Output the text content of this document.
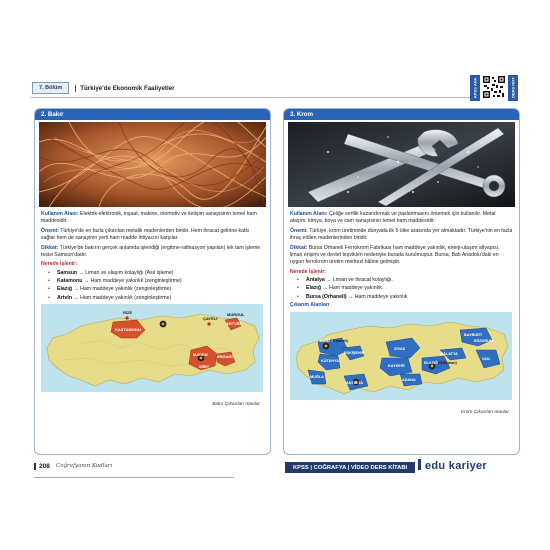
7. Bölüm	Türkiye'de Ekonomik Faaliyetler	KPSS ANA	DERS NOT
2. Bakır

Kullanım Alanı: Elektrik-elektronik, inşaat, makine, otomotiv ve iletişim sanayisinin temel ham maddesidir.

Önemi: Türkiye'de en fazla çıkarılan metalik madenlerden biridir. Hem ihracat gelirine katkı sağlar hem de sanayinin yerli ham madde ihtiyacını karşılar.

Dikkat: Türkiye'de bakırın gerçek anlamda işlendiği (ergitme-rafinasyon yapılan) tek tam işleme tesisi Samsun'dadır.

Nerede İşlenir:
• Samsun → Liman ve ulaşım kolaylığı (Asıl işleme)
• Katamonu → Ham maddeye yakınlık (zenginleştirme)
• Elazığ → Ham maddeye yakınlık (zenginleştirme)
• Artvin → Ham maddeye yakınlık (zenginleştirme)
RİZE
KASTAMONU
ÇAYELİ
MURGUL
MADEN ERGANİ
SİİRT
ARTVİN
Bakır Çıkarılan Alanlar
3. Krom

Kullanım Alanı: Çeliğe sertlik kazandırmak ve paslanmasını önlemek için kullanılır. Metal alaşım, kimya, boya ve cam sanayisinin temel ham maddesidir.

Önemi: Türkiye, krom üretiminde dünyada ilk 5 ülke arasında yer almaktadır. Türkiye'nin en fazla ihraç edilen madenlerinden biridir.

Dikkat: Bursa Orhaneli Ferrokrom Fabrikası ham maddeye yakınlık, enerji-ulaşım altyapısı, liman erişimi ve devlet teşvikleri nedeniyle burada kurulmuştur. Bursa, Batı Anadolu'daki en uygun ferrokrom üretim merkezi hâline gelmiştir.

Nerede İşlenir:
• Antalya → Liman ve ihracat kolaylığı.
• Elazığ → Ham maddeye yakınlık.
• Bursa (Orhaneli) → Ham maddeye yakınlık
Çıkarım Alanları
BURSA
(Orhaneli)
KÜTAHYA
ESKİŞEHİR
SİVAS
KAYSERİ
ELAZIĞ (Guleman)
MALATYA
ADANA
MUĞLA
ANTALYA
BAYBURT
ERZURUM
VAN
Krom Çıkarılan Alanlar
208 Coğrafyanın Kodları	KPSS | COĞRAFYA | VİDEO DERS KİTABI	edu kariyer
